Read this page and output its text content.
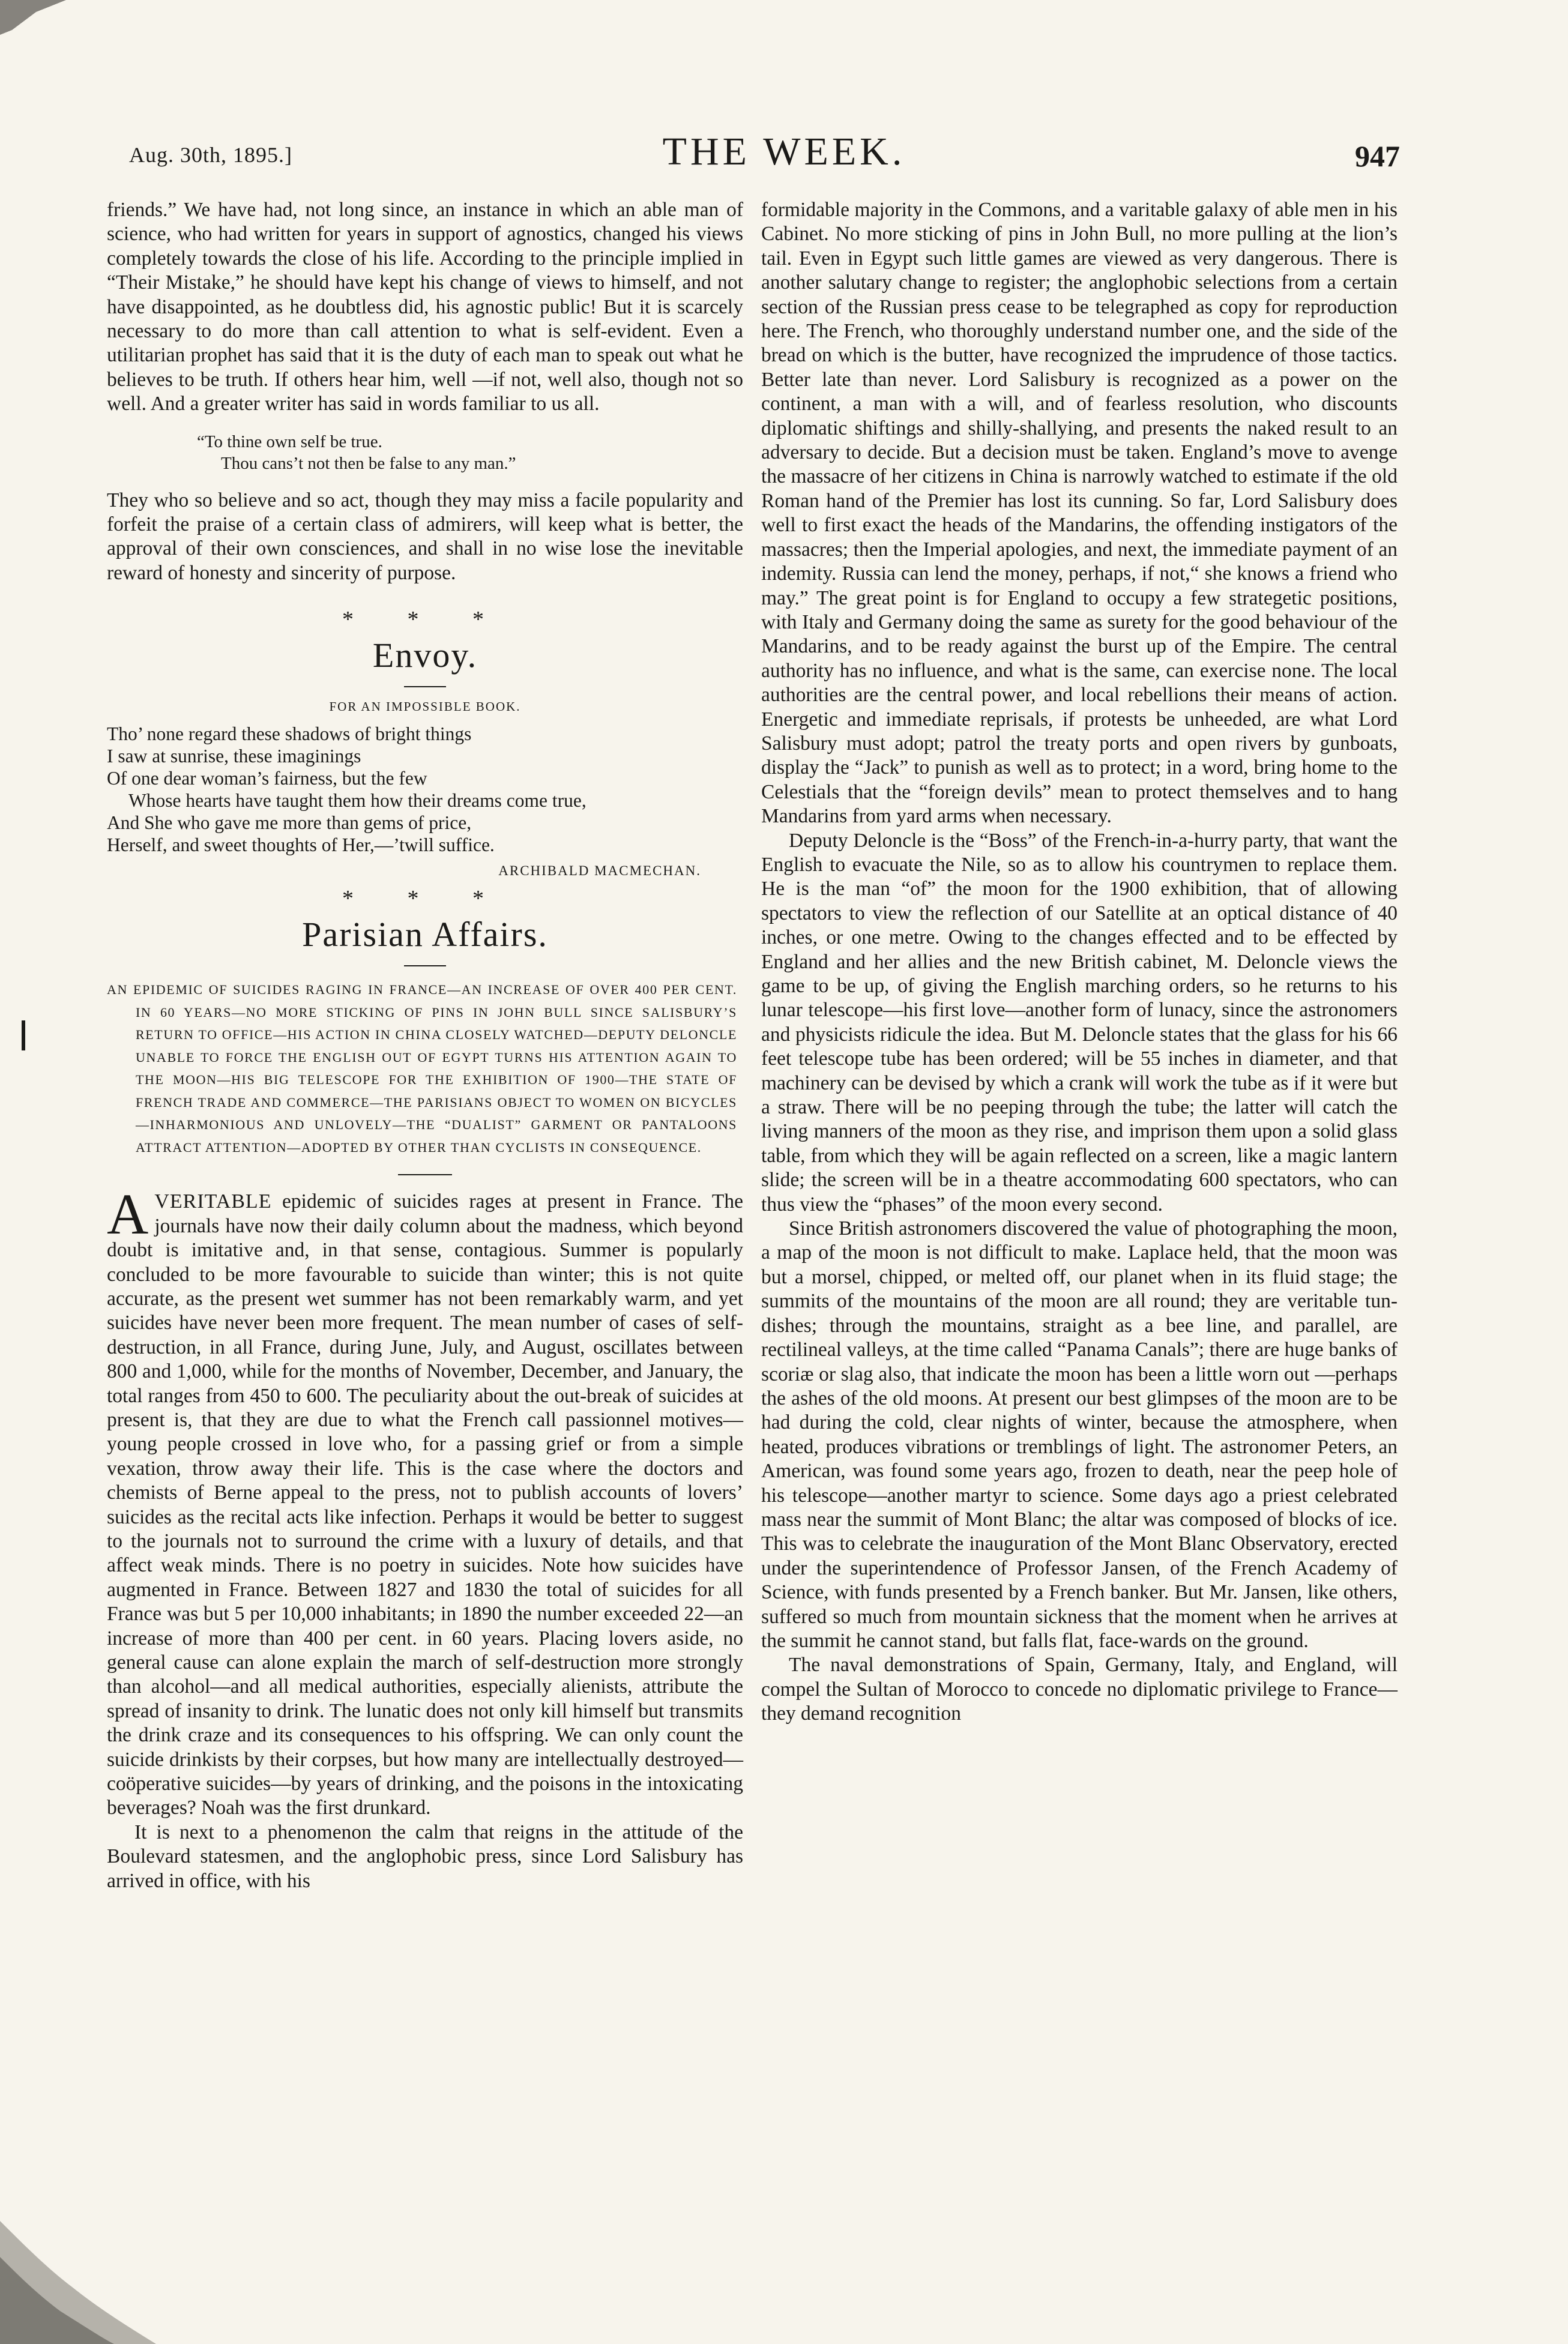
Aug. 30th, 1895.]	THE WEEK.	947

friends.” We have had, not long since, an instance in which an able man of science, who had written for years in support of agnostics, changed his views completely towards the close of his life. According to the principle implied in “Their Mistake,” he should have kept his change of views to himself, and not have disappointed, as he doubtless did, his agnostic public! But it is scarcely necessary to do more than call attention to what is self-evident. Even a utilitarian prophet has said that it is the duty of each man to speak out what he believes to be truth. If others hear him, well —if not, well also, though not so well. And a greater writer has said in words familiar to us all.

“To thine own self be true.
Thou cans’t not then be false to any man.”

They who so believe and so act, though they may miss a facile popularity and forfeit the praise of a certain class of admirers, will keep what is better, the approval of their own consciences, and shall in no wise lose the inevitable reward of honesty and sincerity of purpose.

* * *
Envoy.
FOR AN IMPOSSIBLE BOOK.
Tho’ none regard these shadows of bright things
I saw at sunrise, these imaginings
Of one dear woman’s fairness, but the few
Whose hearts have taught them how their dreams come true,
And She who gave me more than gems of price,
Herself, and sweet thoughts of Her,—’twill suffice.
ARCHIBALD MACMECHAN.
* * *
Parisian Affairs.
AN EPIDEMIC OF SUICIDES RAGING IN FRANCE—AN INCREASE OF OVER 400 PER CENT. IN 60 YEARS—NO MORE STICKING OF PINS IN JOHN BULL SINCE SALISBURY’S RETURN TO OFFICE—HIS ACTION IN CHINA CLOSELY WATCHED—DEPUTY DELONCLE UNABLE TO FORCE THE ENGLISH OUT OF EGYPT TURNS HIS ATTENTION AGAIN TO THE MOON—HIS BIG TELESCOPE FOR THE EXHIBITION OF 1900—THE STATE OF FRENCH TRADE AND COMMERCE—THE PARISIANS OBJECT TO WOMEN ON BICYCLES—INHARMONIOUS AND UNLOVELY—THE “DUALIST” GARMENT OR PANTALOONS ATTRACT ATTENTION—ADOPTED BY OTHER THAN CYCLISTS IN CONSEQUENCE.

AVERITABLE epidemic of suicides rages at present in France. The journals have now their daily column about the madness, which beyond doubt is imitative and, in that sense, contagious. Summer is popularly concluded to be more favourable to suicide than winter; this is not quite accurate, as the present wet summer has not been remarkably warm, and yet suicides have never been more frequent. The mean number of cases of self-destruction, in all France, during June, July, and August, oscillates between 800 and 1,000, while for the months of November, December, and January, the total ranges from 450 to 600. The peculiarity about the out-break of suicides at present is, that they are due to what the French call passionnel motives—young people crossed in love who, for a passing grief or from a simple vexation, throw away their life. This is the case where the doctors and chemists of Berne appeal to the press, not to publish accounts of lovers’ suicides as the recital acts like infection. Perhaps it would be better to suggest to the journals not to surround the crime with a luxury of details, and that affect weak minds. There is no poetry in suicides. Note how suicides have augmented in France. Between 1827 and 1830 the total of suicides for all France was but 5 per 10,000 inhabitants; in 1890 the number exceeded 22—an increase of more than 400 per cent. in 60 years. Placing lovers aside, no general cause can alone explain the march of self-destruction more strongly than alcohol—and all medical authorities, especially alienists, attribute the spread of insanity to drink. The lunatic does not only kill himself but transmits the drink craze and its consequences to his offspring. We can only count the suicide drinkists by their corpses, but how many are intellectually destroyed—coöperative suicides—by years of drinking, and the poisons in the intoxicating beverages? Noah was the first drunkard.

It is next to a phenomenon the calm that reigns in the attitude of the Boulevard statesmen, and the anglophobic press, since Lord Salisbury has arrived in office, with his

formidable majority in the Commons, and a varitable galaxy of able men in his Cabinet. No more sticking of pins in John Bull, no more pulling at the lion’s tail. Even in Egypt such little games are viewed as very dangerous. There is another salutary change to register; the anglophobic selections from a certain section of the Russian press cease to be telegraphed as copy for reproduction here. The French, who thoroughly understand number one, and the side of the bread on which is the butter, have recognized the imprudence of those tactics. Better late than never. Lord Salisbury is recognized as a power on the continent, a man with a will, and of fearless resolution, who discounts diplomatic shiftings and shilly-shallying, and presents the naked result to an adversary to decide. But a decision must be taken. England’s move to avenge the massacre of her citizens in China is narrowly watched to estimate if the old Roman hand of the Premier has lost its cunning. So far, Lord Salisbury does well to first exact the heads of the Mandarins, the offending instigators of the massacres; then the Imperial apologies, and next, the immediate payment of an indemity. Russia can lend the money, perhaps, if not,“ she knows a friend who may.” The great point is for England to occupy a few strategetic positions, with Italy and Germany doing the same as surety for the good behaviour of the Mandarins, and to be ready against the burst up of the Empire. The central authority has no influence, and what is the same, can exercise none. The local authorities are the central power, and local rebellions their means of action. Energetic and immediate reprisals, if protests be unheeded, are what Lord Salisbury must adopt; patrol the treaty ports and open rivers by gunboats, display the “Jack” to punish as well as to protect; in a word, bring home to the Celestials that the “foreign devils” mean to protect themselves and to hang Mandarins from yard arms when necessary.

Deputy Deloncle is the “Boss” of the French-in-a-hurry party, that want the English to evacuate the Nile, so as to allow his countrymen to replace them. He is the man “of” the moon for the 1900 exhibition, that of allowing spectators to view the reflection of our Satellite at an optical distance of 40 inches, or one metre. Owing to the changes effected and to be effected by England and her allies and the new British cabinet, M. Deloncle views the game to be up, of giving the English marching orders, so he returns to his lunar telescope—his first love—another form of lunacy, since the astronomers and physicists ridicule the idea. But M. Deloncle states that the glass for his 66 feet telescope tube has been ordered; will be 55 inches in diameter, and that machinery can be devised by which a crank will work the tube as if it were but a straw. There will be no peeping through the tube; the latter will catch the living manners of the moon as they rise, and imprison them upon a solid glass table, from which they will be again reflected on a screen, like a magic lantern slide; the screen will be in a theatre accommodating 600 spectators, who can thus view the “phases” of the moon every second.

Since British astronomers discovered the value of photographing the moon, a map of the moon is not difficult to make. Laplace held, that the moon was but a morsel, chipped, or melted off, our planet when in its fluid stage; the summits of the mountains of the moon are all round; they are veritable tun-dishes; through the mountains, straight as a bee line, and parallel, are rectilineal valleys, at the time called “Panama Canals”; there are huge banks of scoriæ or slag also, that indicate the moon has been a little worn out —perhaps the ashes of the old moons. At present our best glimpses of the moon are to be had during the cold, clear nights of winter, because the atmosphere, when heated, produces vibrations or tremblings of light. The astronomer Peters, an American, was found some years ago, frozen to death, near the peep hole of his telescope—another martyr to science. Some days ago a priest celebrated mass near the summit of Mont Blanc; the altar was composed of blocks of ice. This was to celebrate the inauguration of the Mont Blanc Observatory, erected under the superintendence of Professor Jansen, of the French Academy of Science, with funds presented by a French banker. But Mr. Jansen, like others, suffered so much from mountain sickness that the moment when he arrives at the summit he cannot stand, but falls flat, face-wards on the ground.

The naval demonstrations of Spain, Germany, Italy, and England, will compel the Sultan of Morocco to concede no diplomatic privilege to France—they demand recognition
